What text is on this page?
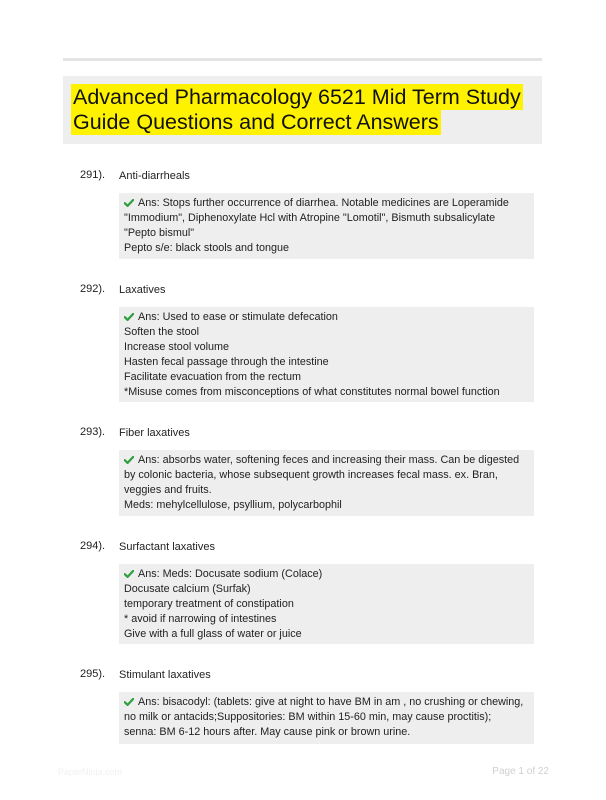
Advanced Pharmacology 6521 Mid Term Study
Guide Questions and Correct Answers
291). Anti-diarrheals
Ans: Stops further occurrence of diarrhea. Notable medicines are Loperamide "Immodium", Diphenoxylate Hcl with Atropine "Lomotil", Bismuth subsalicylate "Pepto bismul"
Pepto s/e: black stools and tongue
292). Laxatives
Ans: Used to ease or stimulate defecation
Soften the stool
Increase stool volume
Hasten fecal passage through the intestine
Facilitate evacuation from the rectum
*Misuse comes from misconceptions of what constitutes normal bowel function
293). Fiber laxatives
Ans: absorbs water, softening feces and increasing their mass. Can be digested by colonic bacteria, whose subsequent growth increases fecal mass. ex. Bran, veggies and fruits.
Meds: mehylcellulose, psyllium, polycarbophil
294). Surfactant laxatives
Ans: Meds: Docusate sodium (Colace)
Docusate calcium (Surfak)
temporary treatment of constipation
* avoid if narrowing of intestines
Give with a full glass of water or juice
295). Stimulant laxatives
Ans: bisacodyl: (tablets: give at night to have BM in am , no crushing or chewing, no milk or antacids;Suppositories: BM within 15-60 min, may cause proctitis);
senna: BM 6-12 hours after. May cause pink or brown urine.
PaperNinja.com	Page 1 of 22
